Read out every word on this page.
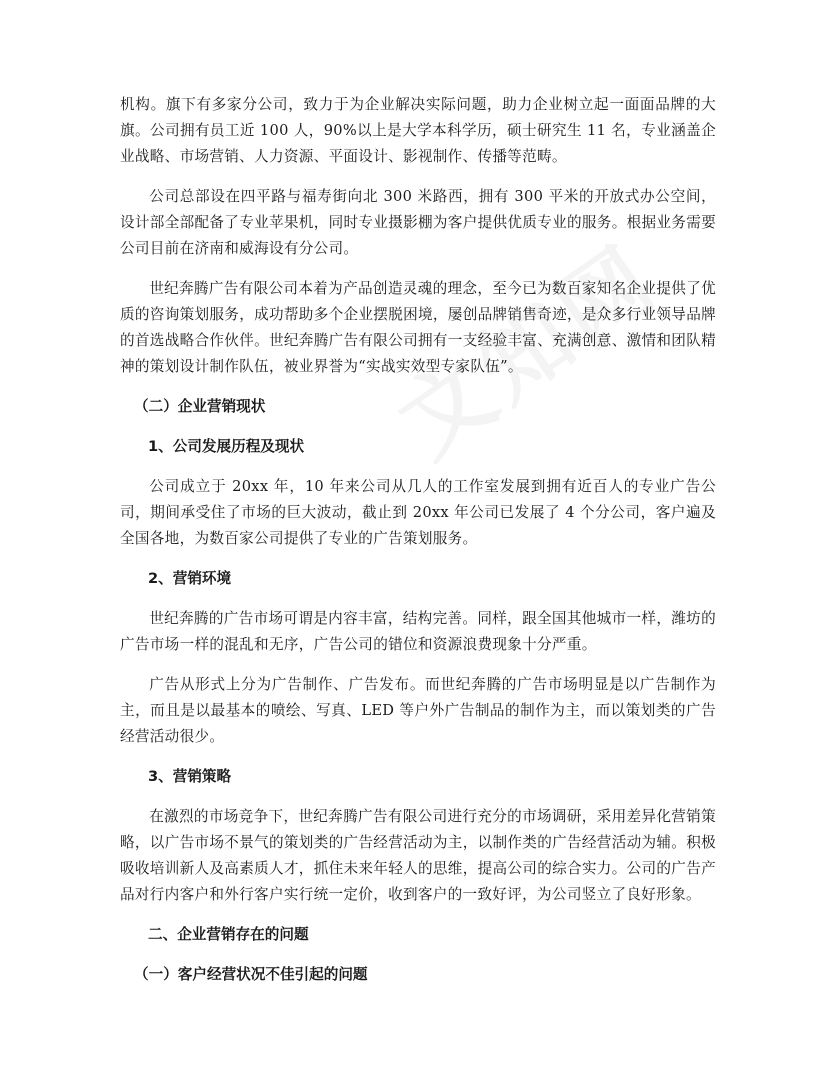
机构。旗下有多家分公司，致力于为企业解决实际问题，助力企业树立起一面面品牌的大旗。公司拥有员工近 100 人，90%以上是大学本科学历，硕士研究生 11 名，专业涵盖企业战略、市场营销、人力资源、平面设计、影视制作、传播等范畴。

公司总部设在四平路与福寿街向北 300 米路西，拥有 300 平米的开放式办公空间，设计部全部配备了专业苹果机，同时专业摄影棚为客户提供优质专业的服务。根据业务需要公司目前在济南和威海设有分公司。

世纪奔腾广告有限公司本着为产品创造灵魂的理念，至今已为数百家知名企业提供了优质的咨询策划服务，成功帮助多个企业摆脱困境，屡创品牌销售奇迹，是众多行业领导品牌的首选战略合作伙伴。世纪奔腾广告有限公司拥有一支经验丰富、充满创意、激情和团队精神的策划设计制作队伍，被业界誉为“实战实效型专家队伍”。

（二）企业营销现状
1、公司发展历程及现状

公司成立于 20xx 年，10 年来公司从几人的工作室发展到拥有近百人的专业广告公司，期间承受住了市场的巨大波动，截止到 20xx 年公司已发展了 4 个分公司，客户遍及全国各地，为数百家公司提供了专业的广告策划服务。

2、营销环境

世纪奔腾的广告市场可谓是内容丰富，结构完善。同样，跟全国其他城市一样，潍坊的广告市场一样的混乱和无序，广告公司的错位和资源浪费现象十分严重。

广告从形式上分为广告制作、广告发布。而世纪奔腾的广告市场明显是以广告制作为主，而且是以最基本的喷绘、写真、LED 等户外广告制品的制作为主，而以策划类的广告经营活动很少。

3、营销策略

在激烈的市场竞争下，世纪奔腾广告有限公司进行充分的市场调研，采用差异化营销策略，以广告市场不景气的策划类的广告经营活动为主，以制作类的广告经营活动为辅。积极吸收培训新人及高素质人才，抓住未来年轻人的思维，提高公司的综合实力。公司的广告产品对行内客户和外行客户实行统一定价，收到客户的一致好评，为公司竖立了良好形象。

二、企业营销存在的问题
（一）客户经营状况不佳引起的问题
